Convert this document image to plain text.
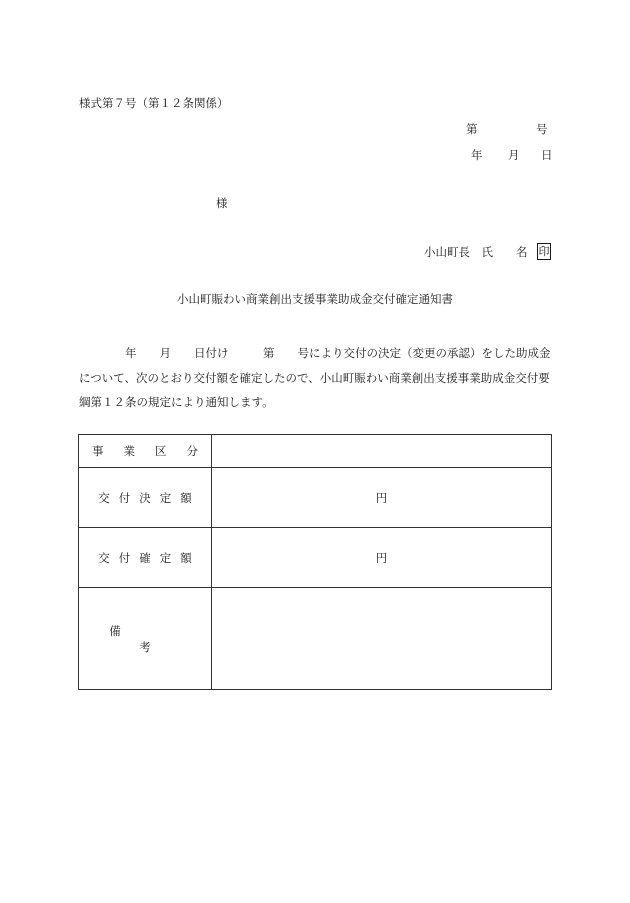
様式第７号（第１２条関係）
第	号
年 月 日
様
小山町長　氏　　名 印
小山町賑わい商業創出支援事業助成金交付確定通知書
　　　　年　　月　　日付け　　　第　　号により交付の決定（変更の承認）をした助成金
について、次のとおり交付額を確定したので、小山町賑わい商業創出支援事業助成金交付要
綱第１２条の規定により通知します。
事業区分	
交付決定額	円
交付確定額	円
備考	
